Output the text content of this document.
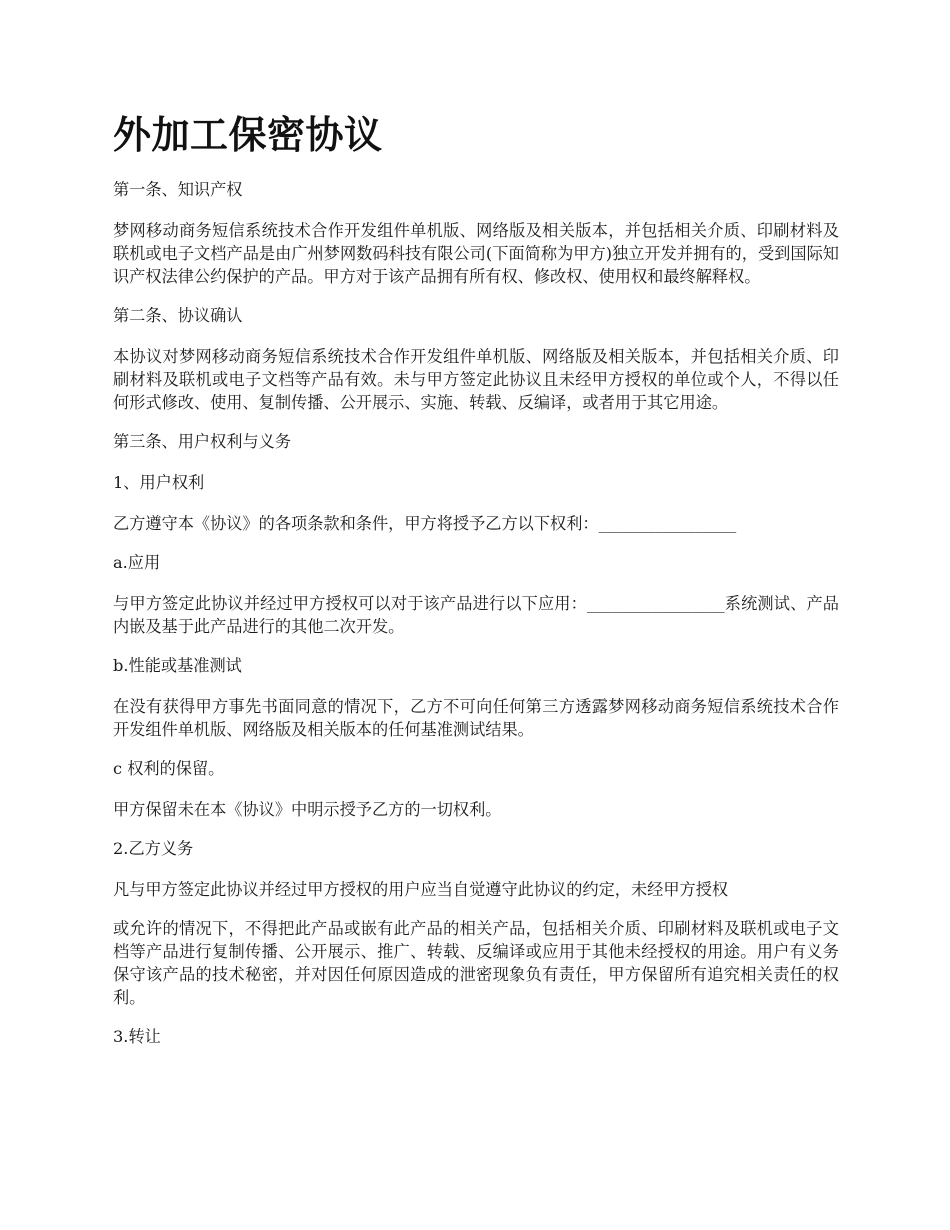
外加工保密协议

第一条、知识产权

梦网移动商务短信系统技术合作开发组件单机版、网络版及相关版本，并包括相关介质、印刷材料及联机或电子文档产品是由广州梦网数码科技有限公司(下面简称为甲方)独立开发并拥有的，受到国际知识产权法律公约保护的产品。甲方对于该产品拥有所有权、修改权、使用权和最终解释权。

第二条、协议确认

本协议对梦网移动商务短信系统技术合作开发组件单机版、网络版及相关版本，并包括相关介质、印刷材料及联机或电子文档等产品有效。未与甲方签定此协议且未经甲方授权的单位或个人，不得以任何形式修改、使用、复制传播、公开展示、实施、转载、反编译，或者用于其它用途。

第三条、用户权利与义务

1、用户权利

乙方遵守本《协议》的各项条款和条件，甲方将授予乙方以下权利：_________________

a.应用

与甲方签定此协议并经过甲方授权可以对于该产品进行以下应用：_________________系统测试、产品内嵌及基于此产品进行的其他二次开发。

b.性能或基准测试

在没有获得甲方事先书面同意的情况下，乙方不可向任何第三方透露梦网移动商务短信系统技术合作开发组件单机版、网络版及相关版本的任何基准测试结果。

c 权利的保留。

甲方保留未在本《协议》中明示授予乙方的一切权利。

2.乙方义务

凡与甲方签定此协议并经过甲方授权的用户应当自觉遵守此协议的约定，未经甲方授权

或允许的情况下，不得把此产品或嵌有此产品的相关产品，包括相关介质、印刷材料及联机或电子文档等产品进行复制传播、公开展示、推广、转载、反编译或应用于其他未经授权的用途。用户有义务保守该产品的技术秘密，并对因任何原因造成的泄密现象负有责任，甲方保留所有追究相关责任的权利。

3.转让
